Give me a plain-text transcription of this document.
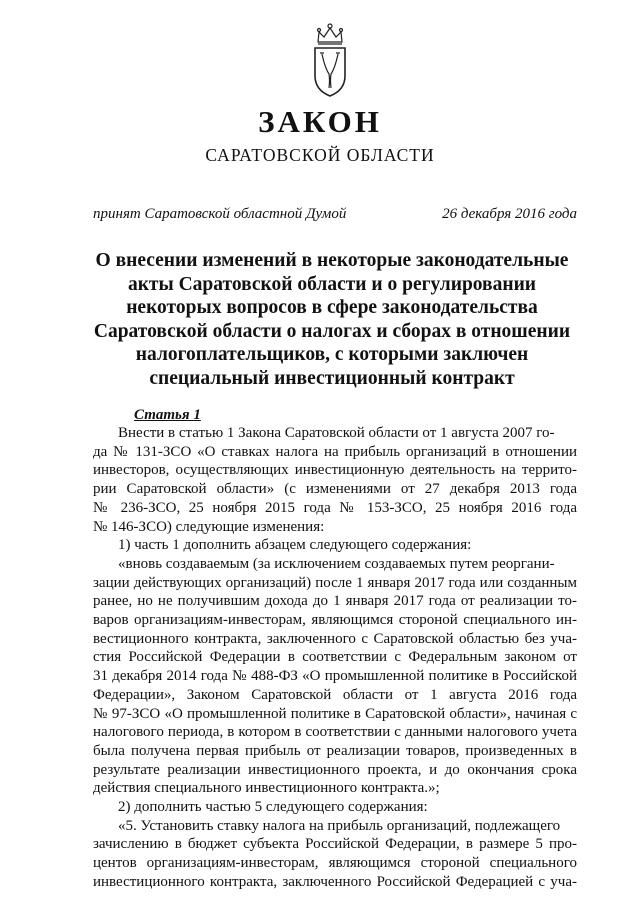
ЗАКОН
САРАТОВСКОЙ ОБЛАСТИ
принят Саратовской областной Думой	26 декабря 2016 года
О внесении изменений в некоторые законодательные
акты Саратовской области и о регулировании
некоторых вопросов в сфере законодательства
Саратовской области о налогах и сборах в отношении
налогоплательщиков, с которыми заключен
специальный инвестиционный контракт
Статья 1
Внести в статью 1 Закона Саратовской области от 1 августа 2007 го-
да № 131-ЗСО «О ставках налога на прибыль организаций в отношении
инвесторов, осуществляющих инвестиционную деятельность на террито-
рии Саратовской области» (с изменениями от 27 декабря 2013 года
№ 236-ЗСО, 25 ноября 2015 года № 153-ЗСО, 25 ноября 2016 года
№ 146-ЗСО) следующие изменения:
1) часть 1 дополнить абзацем следующего содержания:
«вновь создаваемым (за исключением создаваемых путем реоргани-
зации действующих организаций) после 1 января 2017 года или созданным
ранее, но не получившим дохода до 1 января 2017 года от реализации то-
варов организациям-инвесторам, являющимся стороной специального ин-
вестиционного контракта, заключенного с Саратовской областью без уча-
стия Российской Федерации в соответствии с Федеральным законом от
31 декабря 2014 года № 488-ФЗ «О промышленной политике в Российской
Федерации», Законом Саратовской области от 1 августа 2016 года
№ 97-ЗСО «О промышленной политике в Саратовской области», начиная с
налогового периода, в котором в соответствии с данными налогового учета
была получена первая прибыль от реализации товаров, произведенных в
результате реализации инвестиционного проекта, и до окончания срока
действия специального инвестиционного контракта.»;
2) дополнить частью 5 следующего содержания:
«5. Установить ставку налога на прибыль организаций, подлежащего
зачислению в бюджет субъекта Российской Федерации, в размере 5 про-
центов организациям-инвесторам, являющимся стороной специального
инвестиционного контракта, заключенного Российской Федерацией с уча-
